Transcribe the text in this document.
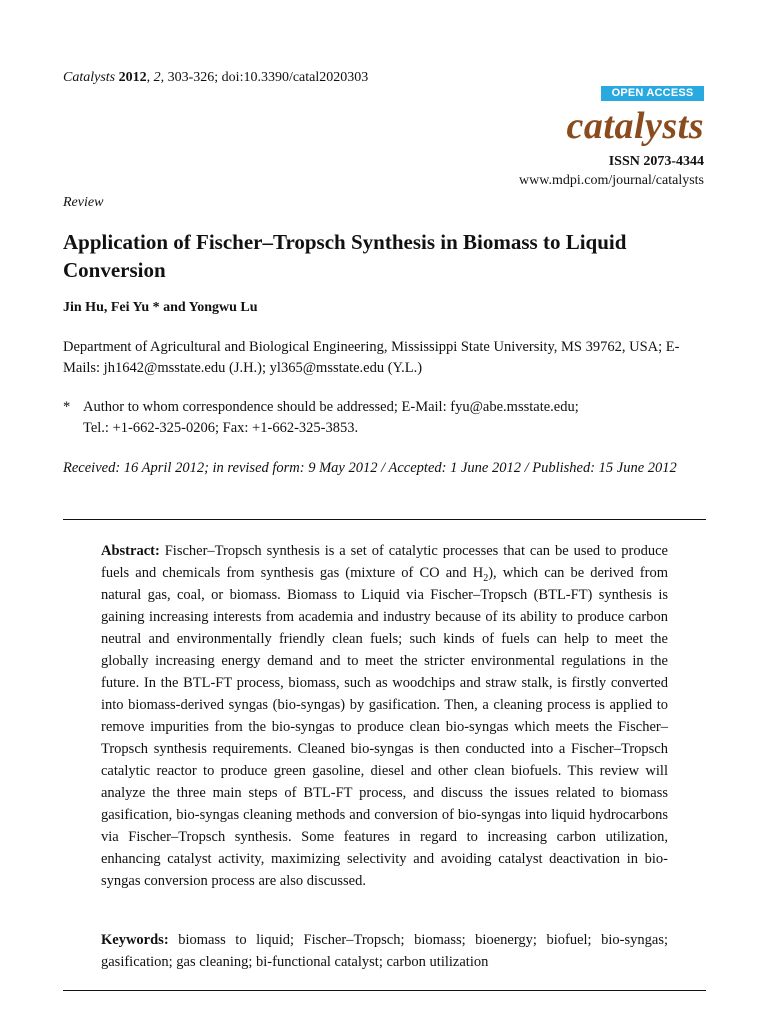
Catalysts 2012, 2, 303-326; doi:10.3390/catal2020303
OPEN ACCESS
catalysts
ISSN 2073-4344
www.mdpi.com/journal/catalysts
Review
Application of Fischer–Tropsch Synthesis in Biomass to Liquid Conversion
Jin Hu, Fei Yu * and Yongwu Lu
Department of Agricultural and Biological Engineering, Mississippi State University, MS 39762, USA; E-Mails: jh1642@msstate.edu (J.H.); yl365@msstate.edu (Y.L.)
* Author to whom correspondence should be addressed; E-Mail: fyu@abe.msstate.edu;
Tel.: +1-662-325-0206; Fax: +1-662-325-3853.
Received: 16 April 2012; in revised form: 9 May 2012 / Accepted: 1 June 2012 / Published: 15 June 2012
Abstract: Fischer–Tropsch synthesis is a set of catalytic processes that can be used to produce fuels and chemicals from synthesis gas (mixture of CO and $H_2$), which can be derived from natural gas, coal, or biomass. Biomass to Liquid via Fischer–Tropsch (BTL-FT) synthesis is gaining increasing interests from academia and industry because of its ability to produce carbon neutral and environmentally friendly clean fuels; such kinds of fuels can help to meet the globally increasing energy demand and to meet the stricter environmental regulations in the future. In the BTL-FT process, biomass, such as woodchips and straw stalk, is firstly converted into biomass-derived syngas (bio-syngas) by gasification. Then, a cleaning process is applied to remove impurities from the bio-syngas to produce clean bio-syngas which meets the Fischer–Tropsch synthesis requirements. Cleaned bio-syngas is then conducted into a Fischer–Tropsch catalytic reactor to produce green gasoline, diesel and other clean biofuels. This review will analyze the three main steps of BTL-FT process, and discuss the issues related to biomass gasification, bio-syngas cleaning methods and conversion of bio-syngas into liquid hydrocarbons via Fischer–Tropsch synthesis. Some features in regard to increasing carbon utilization, enhancing catalyst activity, maximizing selectivity and avoiding catalyst deactivation in bio-syngas conversion process are also discussed.
Keywords: biomass to liquid; Fischer–Tropsch; biomass; bioenergy; biofuel; bio-syngas; gasification; gas cleaning; bi-functional catalyst; carbon utilization
